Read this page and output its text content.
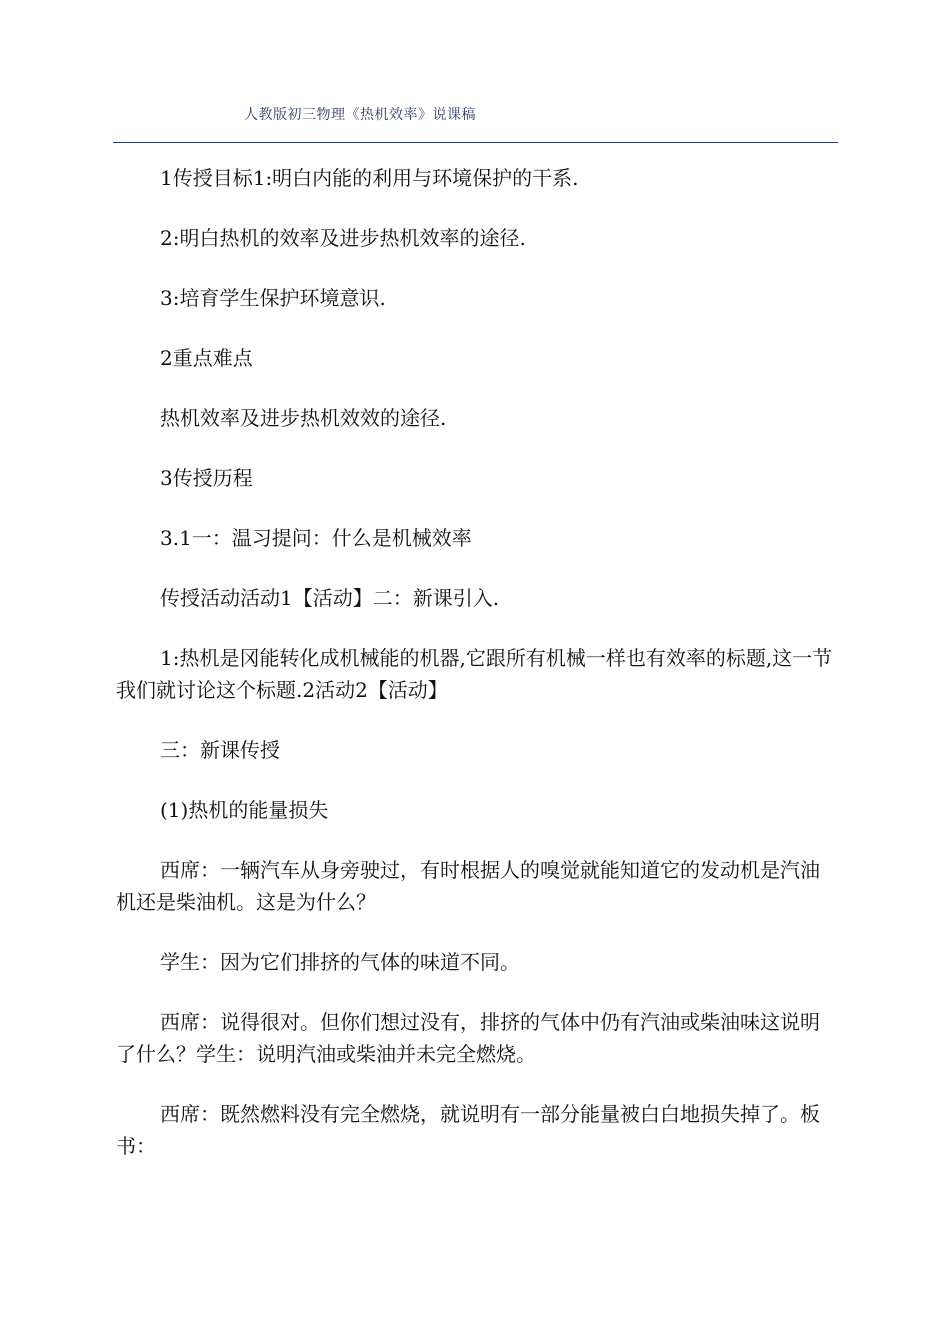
人教版初三物理《热机效率》说课稿

1传授目标1:明白内能的利用与环境保护的干系.

2:明白热机的效率及进步热机效率的途径.

3:培育学生保护环境意识.

2重点难点

热机效率及进步热机效效的途径.

3传授历程

3.1一：温习提问：什么是机械效率

传授活动活动1【活动】二：新课引入.

1:热机是冈能转化成机械能的机器,它跟所有机械一样也有效率的标题,这一节我们就讨论这个标题.2活动2【活动】

三：新课传授

(1)热机的能量损失

西席：一辆汽车从身旁驶过，有时根据人的嗅觉就能知道它的发动机是汽油机还是柴油机。这是为什么？

学生：因为它们排挤的气体的味道不同。

西席：说得很对。但你们想过没有，排挤的气体中仍有汽油或柴油味这说明了什么？学生：说明汽油或柴油并未完全燃烧。

西席：既然燃料没有完全燃烧，就说明有一部分能量被白白地损失掉了。板书：
